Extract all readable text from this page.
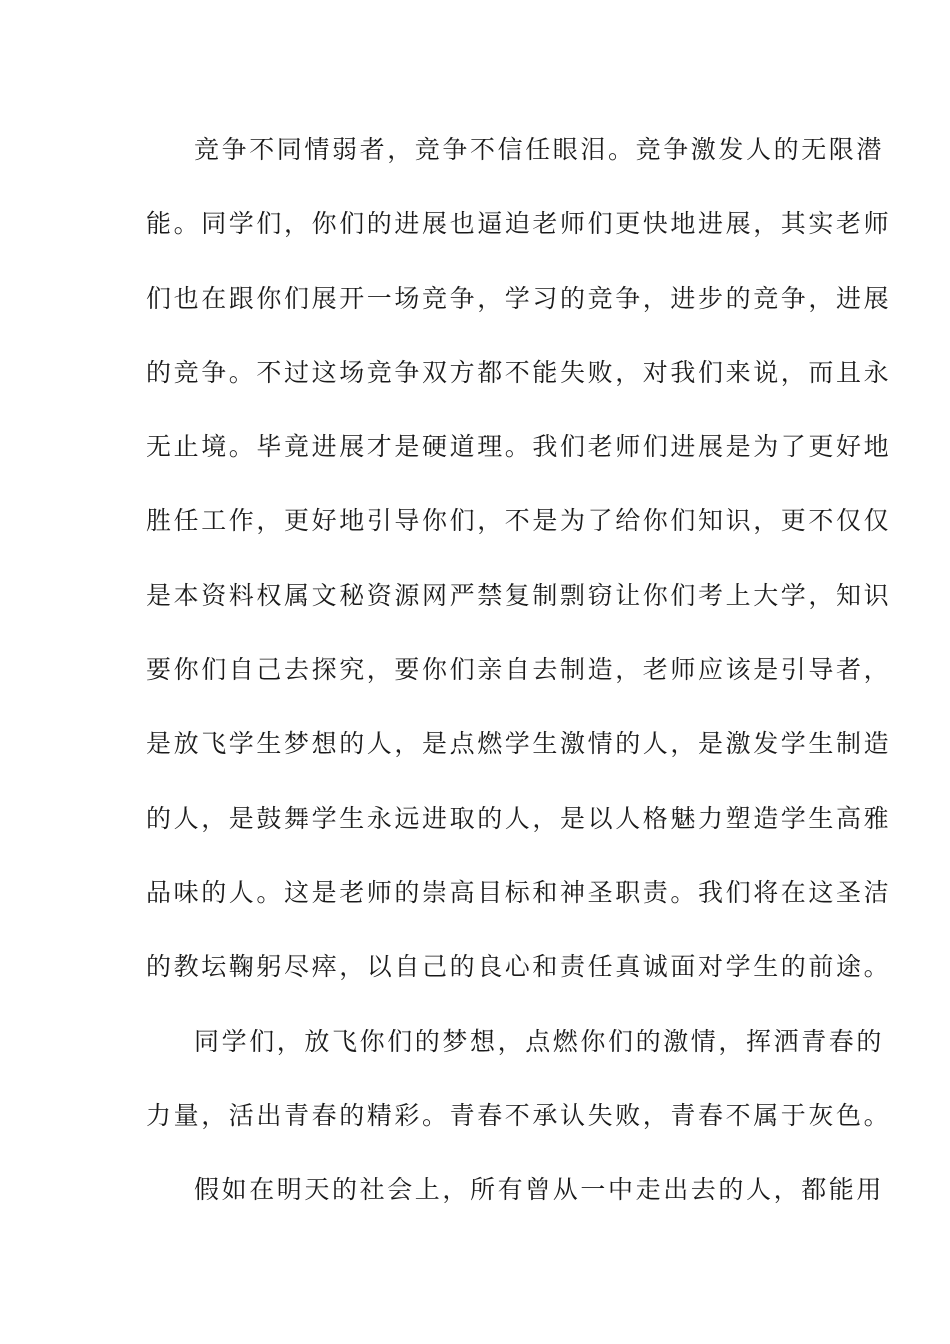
竞争不同情弱者，竞争不信任眼泪。竞争激发人的无限潜
能。同学们，你们的进展也逼迫老师们更快地进展，其实老师
们也在跟你们展开一场竞争，学习的竞争，进步的竞争，进展
的竞争。不过这场竞争双方都不能失败，对我们来说，而且永
无止境。毕竟进展才是硬道理。我们老师们进展是为了更好地
胜任工作，更好地引导你们，不是为了给你们知识，更不仅仅
是本资料权属文秘资源网严禁复制剽窃让你们考上大学，知识
要你们自己去探究，要你们亲自去制造，老师应该是引导者，
是放飞学生梦想的人，是点燃学生激情的人，是激发学生制造
的人，是鼓舞学生永远进取的人，是以人格魅力塑造学生高雅
品味的人。这是老师的崇高目标和神圣职责。我们将在这圣洁
的教坛鞠躬尽瘁，以自己的良心和责任真诚面对学生的前途。
同学们，放飞你们的梦想，点燃你们的激情，挥洒青春的
力量，活出青春的精彩。青春不承认失败，青春不属于灰色。
假如在明天的社会上，所有曾从一中走出去的人，都能用
